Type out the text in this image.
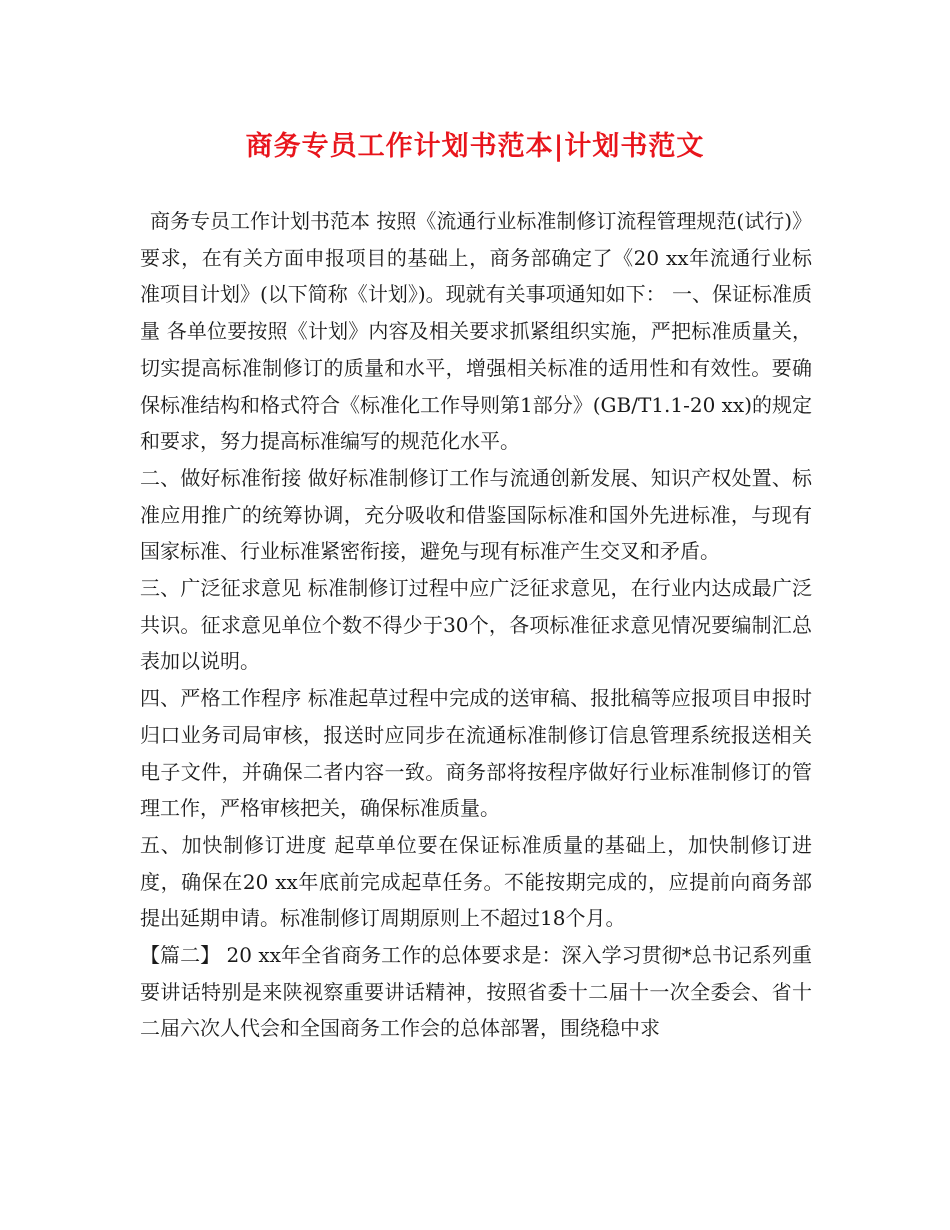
商务专员工作计划书范本|计划书范文

商务专员工作计划书范本 按照《流通行业标准制修订流程管理规范(试行)》要求，在有关方面申报项目的基础上，商务部确定了《20 xx年流通行业标准项目计划》(以下简称《计划》)。现就有关事项通知如下： 一、保证标准质量 各单位要按照《计划》内容及相关要求抓紧组织实施，严把标准质量关，切实提高标准制修订的质量和水平，增强相关标准的适用性和有效性。要确保标准结构和格式符合《标准化工作导则第1部分》(GB/T1.1-20 xx)的规定和要求，努力提高标准编写的规范化水平。

二、做好标准衔接 做好标准制修订工作与流通创新发展、知识产权处置、标准应用推广的统筹协调，充分吸收和借鉴国际标准和国外先进标准，与现有国家标准、行业标准紧密衔接，避免与现有标准产生交叉和矛盾。

三、广泛征求意见 标准制修订过程中应广泛征求意见，在行业内达成最广泛共识。征求意见单位个数不得少于30个，各项标准征求意见情况要编制汇总表加以说明。

四、严格工作程序 标准起草过程中完成的送审稿、报批稿等应报项目申报时归口业务司局审核，报送时应同步在流通标准制修订信息管理系统报送相关电子文件，并确保二者内容一致。商务部将按程序做好行业标准制修订的管理工作，严格审核把关，确保标准质量。

五、加快制修订进度 起草单位要在保证标准质量的基础上，加快制修订进度，确保在20 xx年底前完成起草任务。不能按期完成的，应提前向商务部提出延期申请。标准制修订周期原则上不超过18个月。

【篇二】 20 xx年全省商务工作的总体要求是：深入学习贯彻*总书记系列重要讲话特别是来陕视察重要讲话精神，按照省委十二届十一次全委会、省十二届六次人代会和全国商务工作会的总体部署，围绕稳中求
